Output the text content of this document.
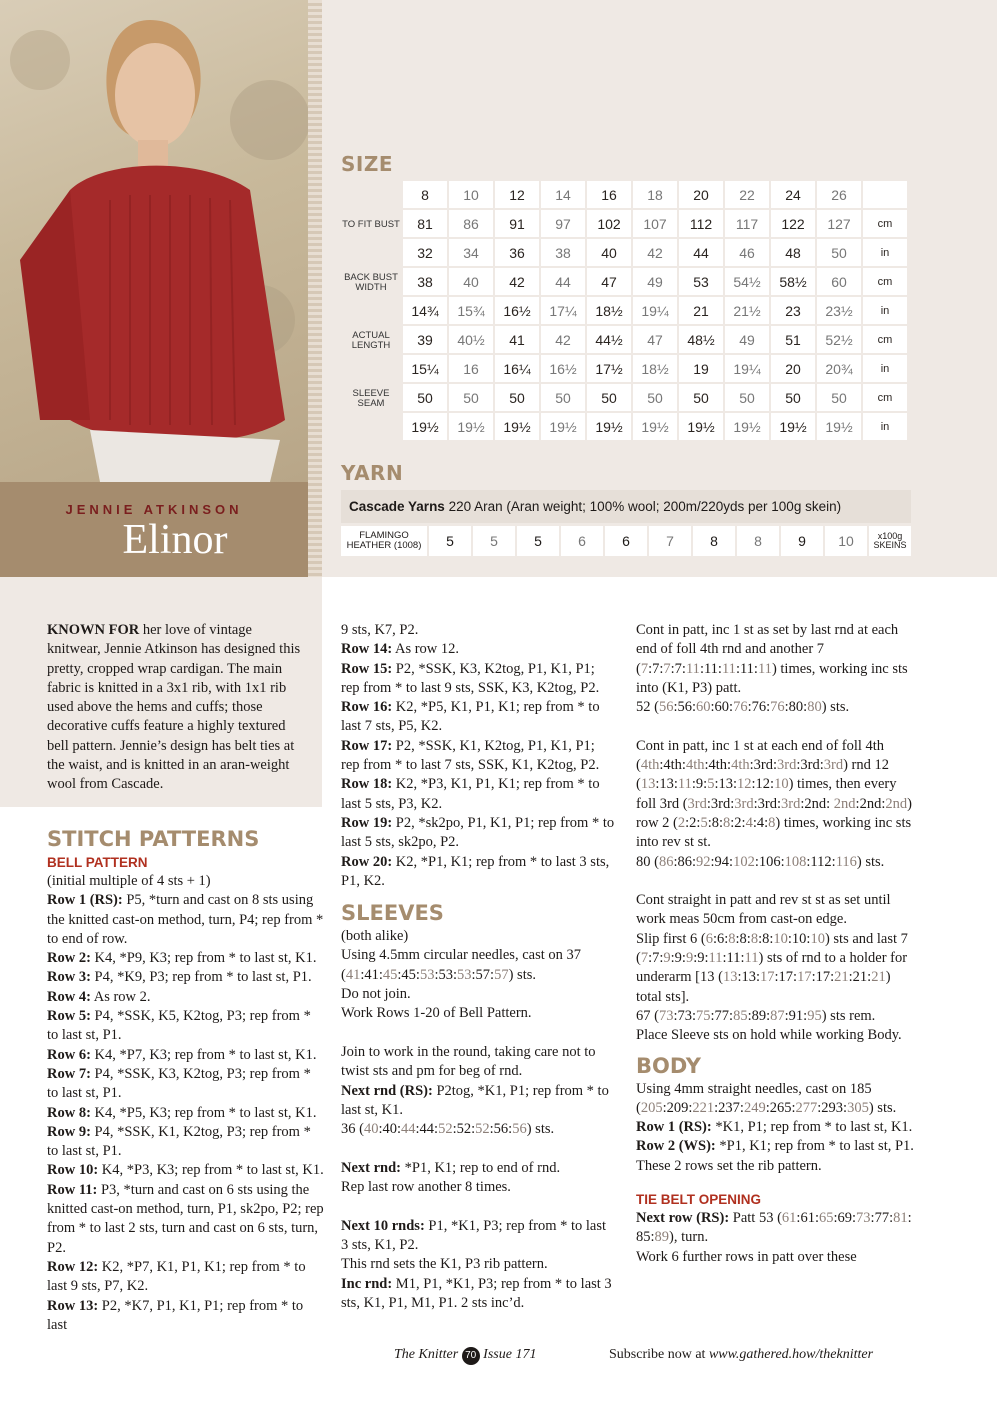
JENNIE ATKINSON
Elinor
SIZE
8	10	12	14	16	18	20	22	24	26
TO FIT BUST	81	86	91	97	102	107	112	117	122	127	cm
32	34	36	38	40	42	44	46	48	50	in
BACK BUST WIDTH	38	40	42	44	47	49	53	54½	58½	60	cm
14¾	15¾	16½	17¼	18½	19¼	21	21½	23	23½	in
ACTUAL LENGTH	39	40½	41	42	44½	47	48½	49	51	52½	cm
15¼	16	16¼	16½	17½	18½	19	19¼	20	20¾	in
SLEEVE SEAM	50	50	50	50	50	50	50	50	50	50	cm
19½	19½	19½	19½	19½	19½	19½	19½	19½	19½	in
YARN
Cascade Yarns 220 Aran (Aran weight; 100% wool; 200m/220yds per 100g skein)
FLAMINGO HEATHER (1008)	5	5	5	6	6	7	8	8	9	10	x100g SKEINS

KNOWN FOR her love of vintage knitwear, Jennie Atkinson has designed this pretty, cropped wrap cardigan. The main fabric is knitted in a 3x1 rib, with 1x1 rib used above the hems and cuffs; those decorative cuffs feature a highly textured bell pattern. Jennie’s design has belt ties at the waist, and is knitted in an aran-weight wool from Cascade.

STITCH PATTERNS
BELL PATTERN

(initial multiple of 4 sts + 1)

Row 1 (RS): P5, *turn and cast on 8 sts using the knitted cast-on method, turn, P4; rep from * to end of row.

Row 2: K4, *P9, K3; rep from * to last st, K1.

Row 3: P4, *K9, P3; rep from * to last st, P1.

Row 4: As row 2.

Row 5: P4, *SSK, K5, K2tog, P3; rep from * to last st, P1.

Row 6: K4, *P7, K3; rep from * to last st, K1.

Row 7: P4, *SSK, K3, K2tog, P3; rep from * to last st, P1.

Row 8: K4, *P5, K3; rep from * to last st, K1.

Row 9: P4, *SSK, K1, K2tog, P3; rep from * to last st, P1.

Row 10: K4, *P3, K3; rep from * to last st, K1.

Row 11: P3, *turn and cast on 6 sts using the knitted cast-on method, turn, P1, sk2po, P2; rep from * to last 2 sts, turn and cast on 6 sts, turn, P2.

Row 12: K2, *P7, K1, P1, K1; rep from * to last 9 sts, P7, K2.

Row 13: P2, *K7, P1, K1, P1; rep from * to last

9 sts, K7, P2.

Row 14: As row 12.

Row 15: P2, *SSK, K3, K2tog, P1, K1, P1; rep from * to last 9 sts, SSK, K3, K2tog, P2.

Row 16: K2, *P5, K1, P1, K1; rep from * to last 7 sts, P5, K2.

Row 17: P2, *SSK, K1, K2tog, P1, K1, P1; rep from * to last 7 sts, SSK, K1, K2tog, P2.

Row 18: K2, *P3, K1, P1, K1; rep from * to last 5 sts, P3, K2.

Row 19: P2, *sk2po, P1, K1, P1; rep from * to last 5 sts, sk2po, P2.

Row 20: K2, *P1, K1; rep from * to last 3 sts, P1, K2.

SLEEVES

(both alike)

Using 4.5mm circular needles, cast on 37 (41:41:45:45:53:53:53:57:57) sts.

Do not join.

Work Rows 1-20 of Bell Pattern.

Join to work in the round, taking care not to twist sts and pm for beg of rnd.

Next rnd (RS): P2tog, *K1, P1; rep from * to last st, K1.

36 (40:40:44:44:52:52:52:56:56) sts.

Next rnd: *P1, K1; rep to end of rnd.

Rep last row another 8 times.

Next 10 rnds: P1, *K1, P3; rep from * to last 3 sts, K1, P2.

This rnd sets the K1, P3 rib pattern.

Inc rnd: M1, P1, *K1, P3; rep from * to last 3 sts, K1, P1, M1, P1. 2 sts inc’d.

Cont in patt, inc 1 st as set by last rnd at each end of foll 4th rnd and another 7 (7:7:7:7:11:11:11:11:11) times, working inc sts into (K1, P3) patt.

52 (56:56:60:60:76:76:76:80:80) sts.

Cont in patt, inc 1 st at each end of foll 4th (4th:4th:4th:4th:4th:3rd:3rd:3rd:3rd) rnd 12 (13:13:11:9:5:13:12:12:10) times, then every foll 3rd (3rd:3rd:3rd:3rd:3rd:2nd: 2nd:2nd:2nd) row 2 (2:2:5:8:8:2:4:4:8) times, working inc sts into rev st st.

80 (86:86:92:94:102:106:108:112:116) sts.

Cont straight in patt and rev st st as set until work meas 50cm from cast-on edge.

Slip first 6 (6:6:8:8:8:8:10:10:10) sts and last 7 (7:7:9:9:9:9:11:11:11) sts of rnd to a holder for underarm [13 (13:13:17:17:17:17:21:21:21) total sts].

67 (73:73:75:77:85:89:87:91:95) sts rem.

Place Sleeve sts on hold while working Body.

BODY

Using 4mm straight needles, cast on 185 (205:209:221:237:249:265:277:293:305) sts.

Row 1 (RS): *K1, P1; rep from * to last st, K1.

Row 2 (WS): *P1, K1; rep from * to last st, P1.

These 2 rows set the rib pattern.

TIE BELT OPENING

Next row (RS): Patt 53 (61:61:65:69:73:77:81: 85:89), turn.

Work 6 further rows in patt over these

The Knitter 70 Issue 171	Subscribe now at www.gathered.how/theknitter
